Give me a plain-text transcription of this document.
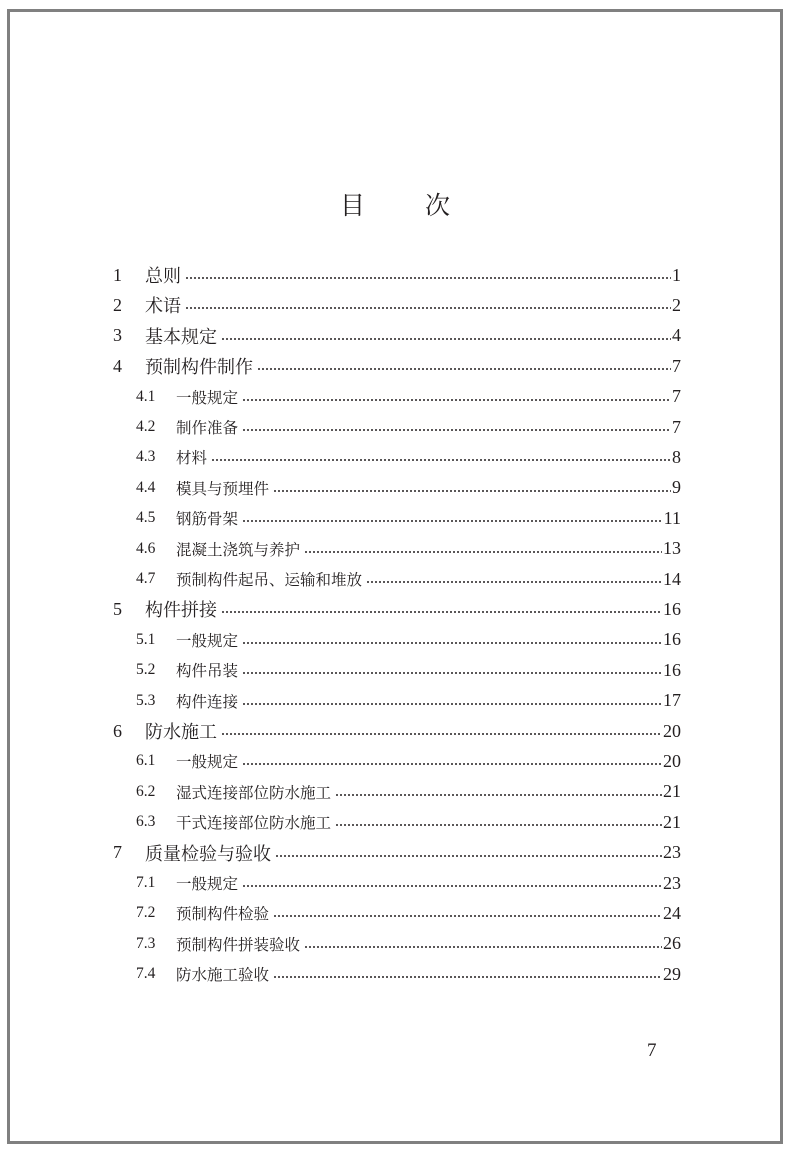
目 次
1	总则	1
2	术语	2
3	基本规定	4
4	预制构件制作	7
4.1	一般规定	7
4.2	制作准备	7
4.3	材料	8
4.4	模具与预埋件	9
4.5	钢筋骨架	11
4.6	混凝土浇筑与养护	13
4.7	预制构件起吊、运输和堆放	14
5	构件拼接	16
5.1	一般规定	16
5.2	构件吊装	16
5.3	构件连接	17
6	防水施工	20
6.1	一般规定	20
6.2	湿式连接部位防水施工	21
6.3	干式连接部位防水施工	21
7	质量检验与验收	23
7.1	一般规定	23
7.2	预制构件检验	24
7.3	预制构件拼装验收	26
7.4	防水施工验收	29
7
